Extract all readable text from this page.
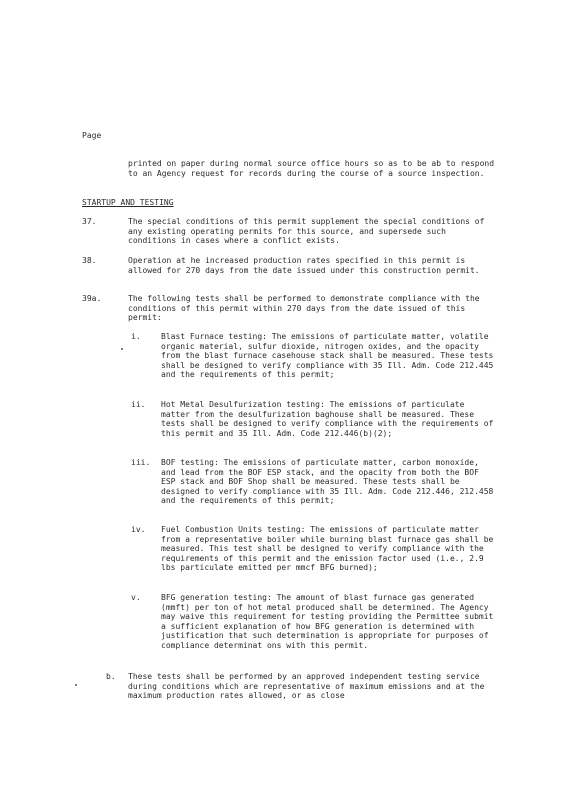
Page

printed on paper during normal source office hours so as to be ab to respond to an Agency request for records during the course of a source inspection.

STARTUP AND TESTING
37.	The special conditions of this permit supplement the special conditions of any existing operating permits for this source, and supersede such conditions in cases where a conflict exists.

38.	Operation at he increased production rates specified in this permit is allowed for 270 days from the date issued under this construction permit.

39a.	The following tests shall be performed to demonstrate compliance with the conditions of this permit within 270 days from the date issued of this permit:

i.	Blast Furnace testing: The emissions of particulate matter, volatile organic material, sulfur dioxide, nitrogen oxides, and the opacity from the blast furnace casehouse stack shall be measured. These tests shall be designed to verify compliance with 35 Ill. Adm. Code 212.445 and the requirements of this permit;

ii. Hot Metal Desulfurization testing: The emissions of particulate matter from the desulfurization baghouse shall be measured. These tests shall be designed to verify compliance with the requirements of this permit and 35 Ill. Adm. Code 212.446(b)(2);

iii. BOF testing: The emissions of particulate matter, carbon monoxide, and lead from the BOF ESP stack, and the opacity from both the BOF ESP stack and BOF Shop shall be measured. These tests shall be designed to verify compliance with 35 Ill. Adm. Code 212.446, 212.458 and the requirements of this permit;

iv. Fuel Combustion Units testing: The emissions of particulate matter from a representative boiler while burning blast furnace gas shall be measured. This test shall be designed to verify compliance with the requirements of this permit and the emission factor used (i.e., 2.9 lbs particulate emitted per mmcf BFG burned);

v.	BFG generation testing: The amount of blast furnace gas generated (mmft) per ton of hot metal produced shall be determined. The Agency may waive this requirement for testing providing the Permittee submit a sufficient explanation of how BFG generation is determined with justification that such determination is appropriate for purposes of compliance determinat ons with this permit.

b. These tests shall be performed by an approved independent testing service during conditions which are representative of maximum emissions and at the maximum production rates allowed, or as close
